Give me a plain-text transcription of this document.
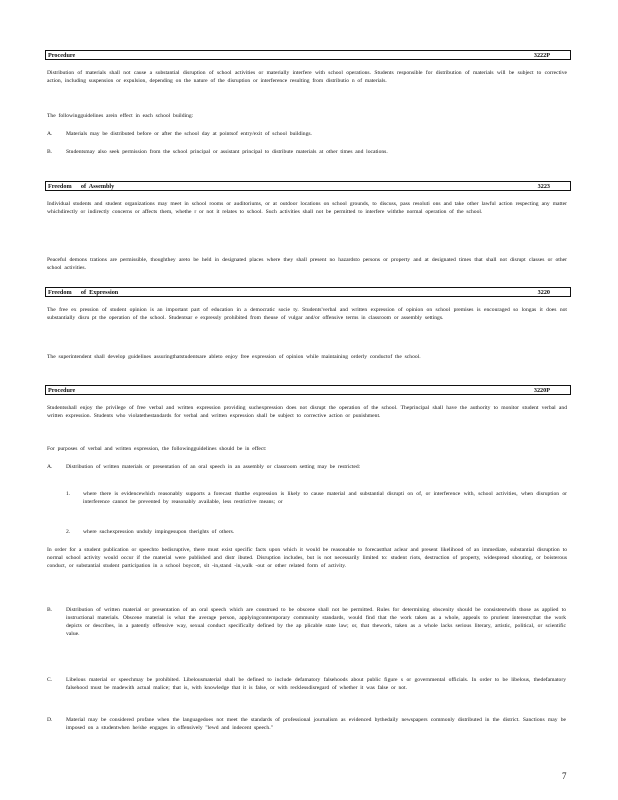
Procedure	3222P

Distribution of materials shall not cause a substantial disruption of school activities or materially interfere with school operations. Students responsible for distribution of materials will be subject to corrective action, including suspension or expulsion, depending on the nature of the disruption or interference resulting from distributio n of materials.

The followingguidelines arein effect in each school building:

A. Materials may be distributed before or after the school day at pointsof entry/exit of school buildings.

B. Studentsmay also seek permission from the school principal or assistant principal to distribute materials at other times and locations.

Freedom      of  Assembly	3223

Individual students and student organizations may meet in school rooms or auditoriums, or at outdoor locations on school grounds, to discuss, pass resoluti ons and take other lawful action respecting any matter whichdirectly or indirectly concerns or affects them, whethe r or not it relates to school. Such activities shall not be permitted to interfere withthe normal operation of the school.

Peaceful demons trations are permissible, thoughthey areto be held in designated places where they shall present no hazardsto persons or property and at designated times that shall not disrupt classes or other school activities.

Freedom      of  Expression	3220

The free ex pression of student opinion is an important part of education in a democratic socie ty. Students'verbal and written expression of opinion on school premises is encouraged so longas it does not substantially disru pt the operation of the school. Studentsar e expressly prohibited from theuse of vulgar and/or offensive terms in classroom or assembly settings.

The superintendent shall develop guidelines assuringthatstudentsare ableto enjoy free expression of opinion while maintaining orderly conductof the school.

Procedure	3220P

Studentsshall enjoy the privilege of free verbal and written expression providing suchexpression does not disrupt the operation of the school. Theprincipal shall have the authority to monitor student verbal and written expression. Students who violatethestandards for verbal and written expression shall be subject to corrective action or punishment.

For purposes of verbal and written expression, the followingguidelines should be in effect:

A. Distribution of written materials or presentation of an oral speech in an assembly or classroom setting may be restricted:

1. where there is evidencewhich reasonably supports a forecast thatthe expression is likely to cause material and substantial disrupti on of, or interference with, school activities, when disruption or interference cannot be prevented by reasonably available, less restrictive means; or

2. where suchexpression unduly impingesupon therights of others.

In order for a student publication or speechto bedisruptive, there must exist specific facts upon which it would be reasonable to forecastthat aclear and present likelihood of an immediate, substantial disruption to normal school activity would occur if the material were published and distr ibuted. Disruption includes, but is not necessarily limited to: student riots, destruction of property, widespread shouting, or boisterous conduct, or substantial student participation in a school boycott, sit -in,stand -in,walk -out or other related form of activity.

B. Distribution of written material or presentation of an oral speech which are construed to be obscene shall not be permitted. Rules for determining obscenity should be consistentwith those as applied to instructional materials. Obscene material is what the average person, applyingcontemporary community standards, would find that the work taken as a whole, appeals to prurient interests;that the work depicts or describes, in a patently offensive way, sexual conduct specifically defined by the ap plicable state law; or, that thework, taken as a whole lacks serious literary, artistic, political, or scientific value.

C. Libelous material or speechmay be prohibited. Libelousmaterial shall be defined to include defamatory falsehoods about public figure s or governmental officials. In order to be libelous, thedefamatory falsehood must be madewith actual malice; that is, with knowledge that it is false, or with recklessdisregard of whether it was false or not.

D. Material may be considered profane when the languagedoes not meet the standards of professional journalism as evidenced bythedaily newspapers commonly distributed in the district. Sanctions may be imposed on a studentwhen he/she engages in offensively "lewd and indecent speech."

7
